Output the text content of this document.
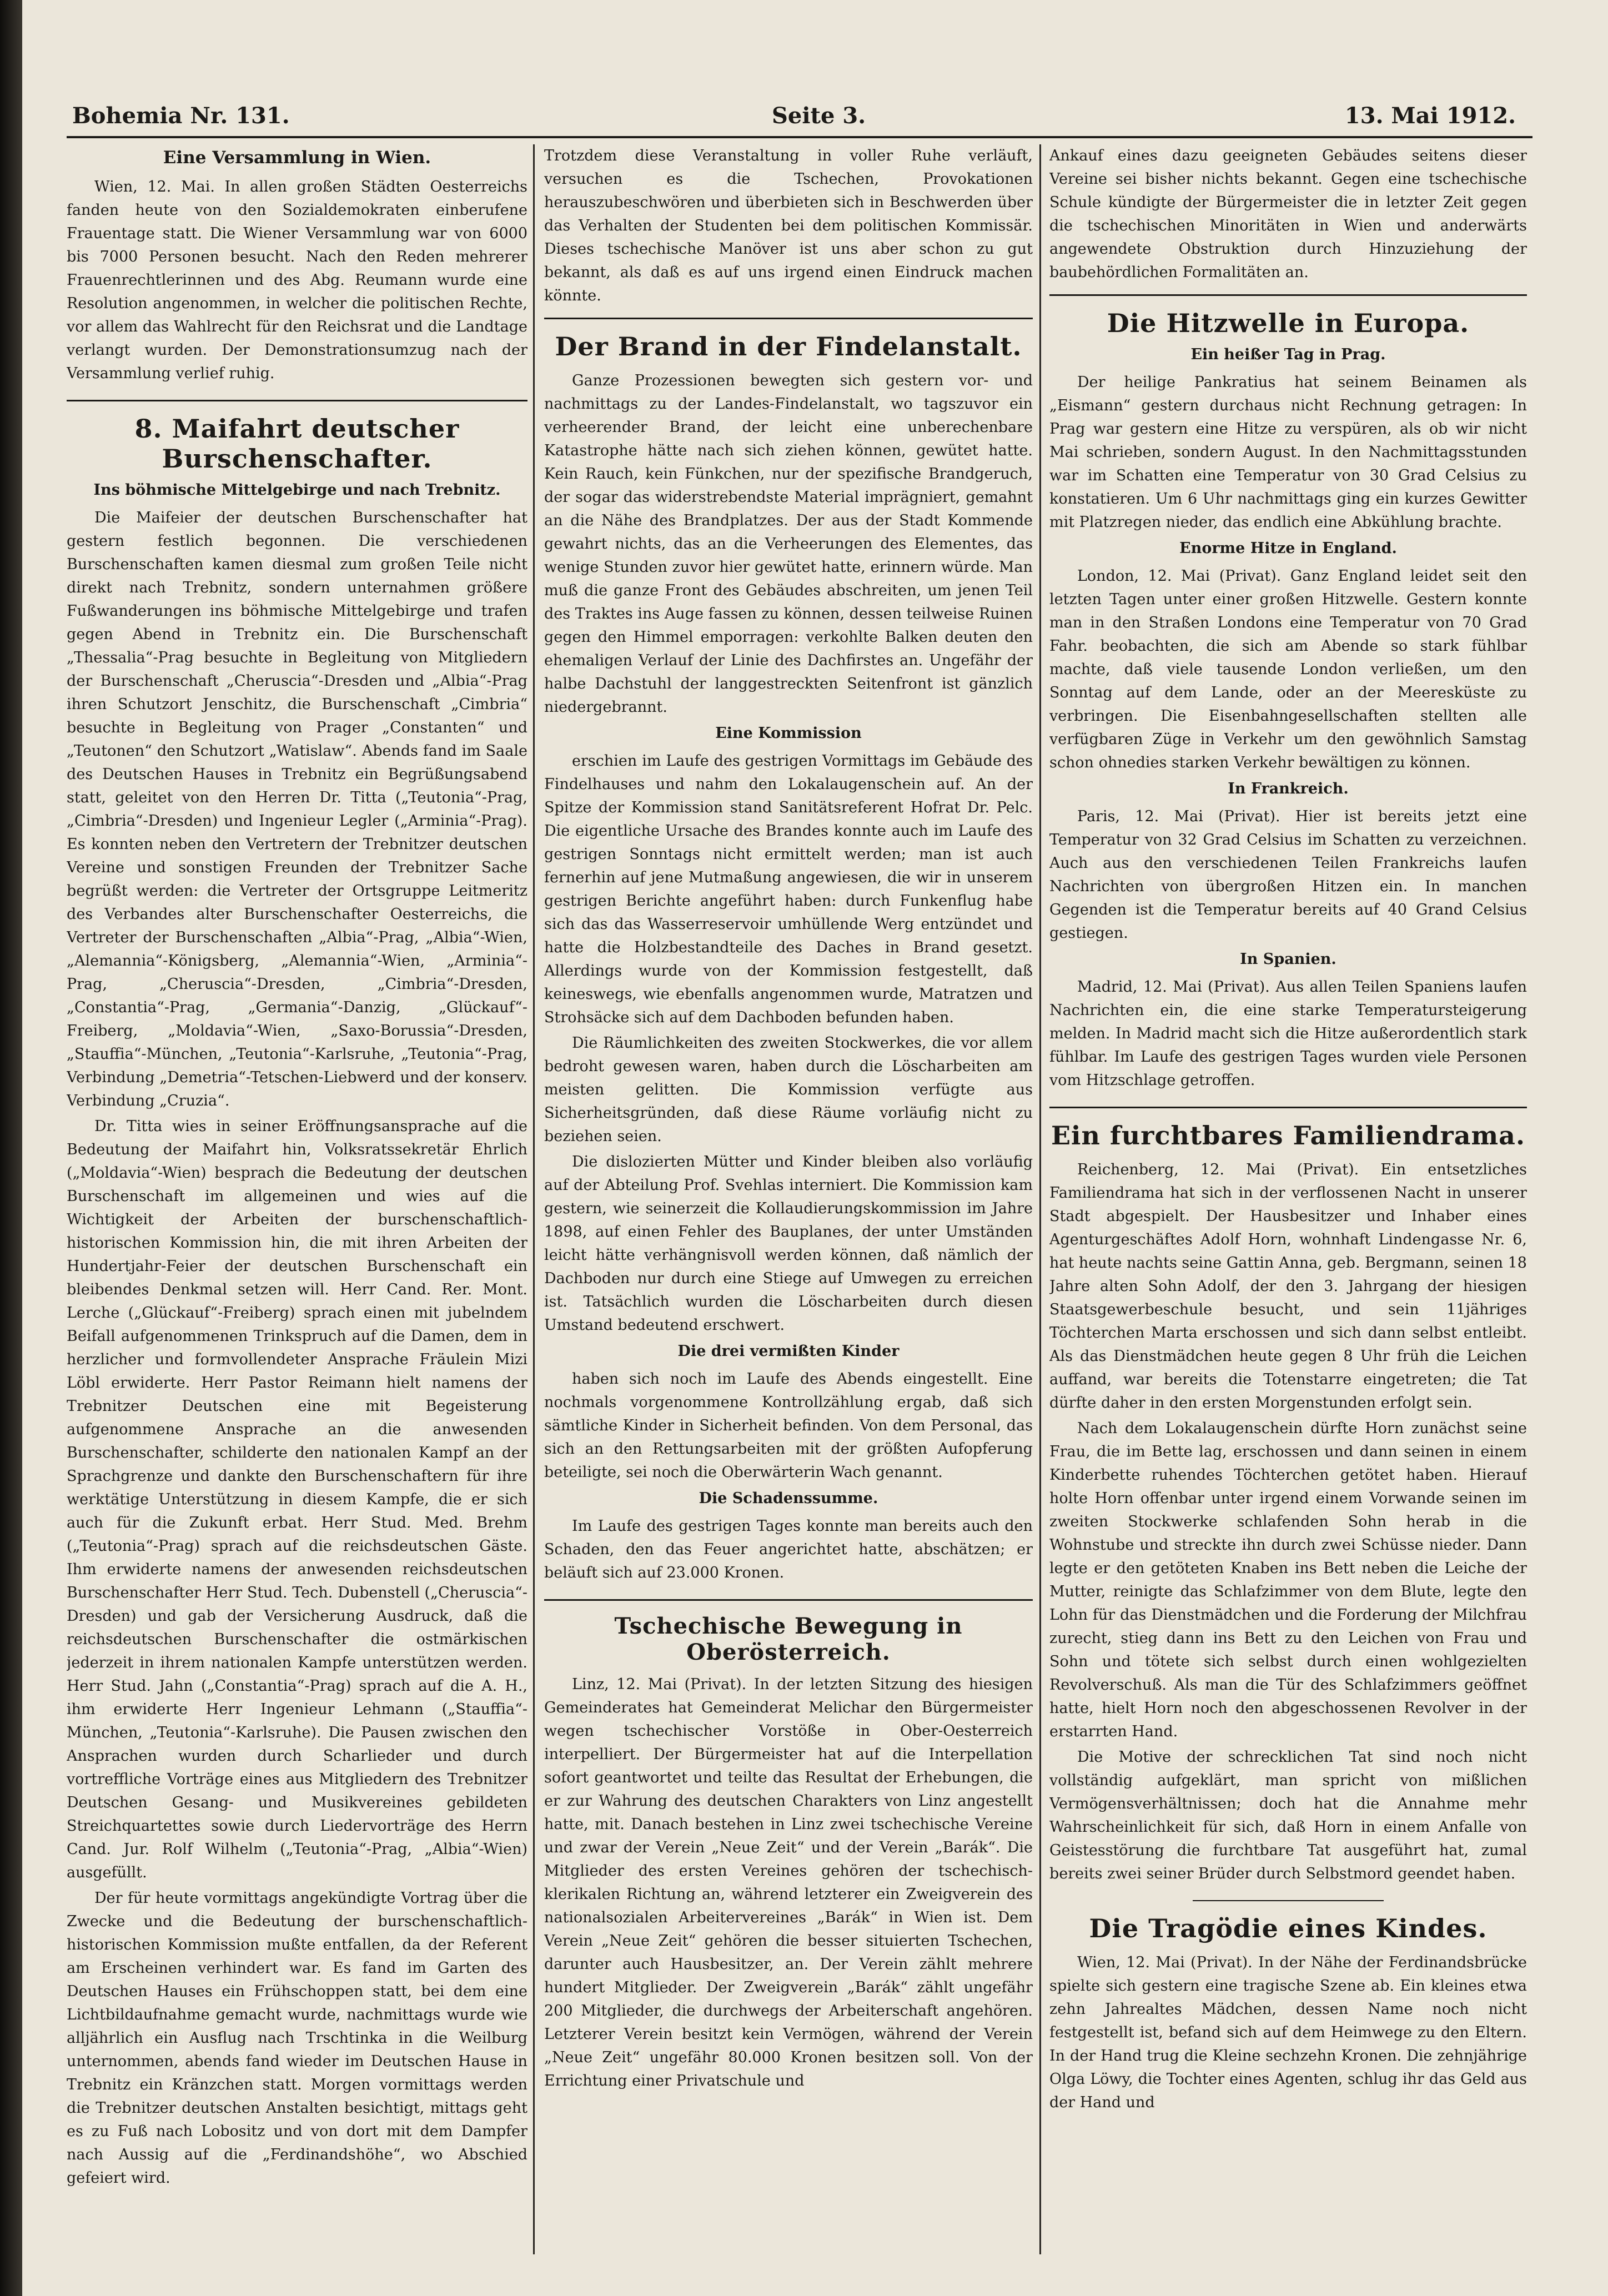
Bohemia Nr. 131.	Seite 3.	13. Mai 1912.
Eine Versammlung in Wien.

Wien, 12. Mai. In allen großen Städten Oesterreichs fanden heute von den Sozialdemokraten einberufene Frauentage statt. Die Wiener Versammlung war von 6000 bis 7000 Personen besucht. Nach den Reden mehrerer Frauenrechtlerinnen und des Abg. Reumann wurde eine Resolution angenommen, in welcher die politischen Rechte, vor allem das Wahlrecht für den Reichsrat und die Landtage verlangt wurden. Der Demonstrationsumzug nach der Versammlung verlief ruhig.

8. Maifahrt deutscher Burschenschafter.
Ins böhmische Mittelgebirge und nach Trebnitz.

Die Maifeier der deutschen Burschenschafter hat gestern festlich begonnen. Die verschiedenen Burschenschaften kamen diesmal zum großen Teile nicht direkt nach Trebnitz, sondern unternahmen größere Fußwanderungen ins böhmische Mittelgebirge und trafen gegen Abend in Trebnitz ein. Die Burschenschaft „Thessalia“-Prag besuchte in Begleitung von Mitgliedern der Burschenschaft „Cheruscia“-Dresden und „Albia“-Prag ihren Schutzort Jenschitz, die Burschenschaft „Cimbria“ besuchte in Begleitung von Prager „Constanten“ und „Teutonen“ den Schutzort „Watislaw“. Abends fand im Saale des Deutschen Hauses in Trebnitz ein Begrüßungsabend statt, geleitet von den Herren Dr. Titta („Teutonia“-Prag, „Cimbria“-Dresden) und Ingenieur Legler („Arminia“-Prag). Es konnten neben den Vertretern der Trebnitzer deutschen Vereine und sonstigen Freunden der Trebnitzer Sache begrüßt werden: die Vertreter der Ortsgruppe Leitmeritz des Verbandes alter Burschenschafter Oesterreichs, die Vertreter der Burschenschaften „Albia“-Prag, „Albia“-Wien, „Alemannia“-Königsberg, „Alemannia“-Wien, „Arminia“-Prag, „Cheruscia“-Dresden, „Cimbria“-Dresden, „Constantia“-Prag, „Germania“-Danzig, „Glückauf“-Freiberg, „Moldavia“-Wien, „Saxo-Borussia“-Dresden, „Stauffia“-München, „Teutonia“-Karlsruhe, „Teutonia“-Prag, Verbindung „Demetria“-Tetschen-Liebwerd und der konserv. Verbindung „Cruzia“.

Dr. Titta wies in seiner Eröffnungsansprache auf die Bedeutung der Maifahrt hin, Volksratssekretär Ehrlich („Moldavia“-Wien) besprach die Bedeutung der deutschen Burschenschaft im allgemeinen und wies auf die Wichtigkeit der Arbeiten der burschenschaftlich-historischen Kommission hin, die mit ihren Arbeiten der Hundertjahr-Feier der deutschen Burschenschaft ein bleibendes Denkmal setzen will. Herr Cand. Rer. Mont. Lerche („Glückauf“-Freiberg) sprach einen mit jubelndem Beifall aufgenommenen Trinkspruch auf die Damen, dem in herzlicher und formvollendeter Ansprache Fräulein Mizi Löbl erwiderte. Herr Pastor Reimann hielt namens der Trebnitzer Deutschen eine mit Begeisterung aufgenommene Ansprache an die anwesenden Burschenschafter, schilderte den nationalen Kampf an der Sprachgrenze und dankte den Burschenschaftern für ihre werktätige Unterstützung in diesem Kampfe, die er sich auch für die Zukunft erbat. Herr Stud. Med. Brehm („Teutonia“-Prag) sprach auf die reichsdeutschen Gäste. Ihm erwiderte namens der anwesenden reichsdeutschen Burschenschafter Herr Stud. Tech. Dubenstell („Cheruscia“-Dresden) und gab der Versicherung Ausdruck, daß die reichsdeutschen Burschenschafter die ostmärkischen jederzeit in ihrem nationalen Kampfe unterstützen werden. Herr Stud. Jahn („Constantia“-Prag) sprach auf die A. H., ihm erwiderte Herr Ingenieur Lehmann („Stauffia“-München, „Teutonia“-Karlsruhe). Die Pausen zwischen den Ansprachen wurden durch Scharlieder und durch vortreffliche Vorträge eines aus Mitgliedern des Trebnitzer Deutschen Gesang- und Musikvereines gebildeten Streichquartettes sowie durch Liedervorträge des Herrn Cand. Jur. Rolf Wilhelm („Teutonia“-Prag, „Albia“-Wien) ausgefüllt.

Der für heute vormittags angekündigte Vortrag über die Zwecke und die Bedeutung der burschenschaftlich-historischen Kommission mußte entfallen, da der Referent am Erscheinen verhindert war. Es fand im Garten des Deutschen Hauses ein Frühschoppen statt, bei dem eine Lichtbildaufnahme gemacht wurde, nachmittags wurde wie alljährlich ein Ausflug nach Trschtinka in die Weilburg unternommen, abends fand wieder im Deutschen Hause in Trebnitz ein Kränzchen statt. Morgen vormittags werden die Trebnitzer deutschen Anstalten besichtigt, mittags geht es zu Fuß nach Lobositz und von dort mit dem Dampfer nach Aussig auf die „Ferdinandshöhe“, wo Abschied gefeiert wird.

Trotzdem diese Veranstaltung in voller Ruhe verläuft, versuchen es die Tschechen, Provokationen herauszubeschwören und überbieten sich in Beschwerden über das Verhalten der Studenten bei dem politischen Kommissär. Dieses tschechische Manöver ist uns aber schon zu gut bekannt, als daß es auf uns irgend einen Eindruck machen könnte.

Der Brand in der Findelanstalt.

Ganze Prozessionen bewegten sich gestern vor- und nachmittags zu der Landes-Findelanstalt, wo tagszuvor ein verheerender Brand, der leicht eine unberechenbare Katastrophe hätte nach sich ziehen können, gewütet hatte. Kein Rauch, kein Fünkchen, nur der spezifische Brandgeruch, der sogar das widerstrebendste Material imprägniert, gemahnt an die Nähe des Brandplatzes. Der aus der Stadt Kommende gewahrt nichts, das an die Verheerungen des Elementes, das wenige Stunden zuvor hier gewütet hatte, erinnern würde. Man muß die ganze Front des Gebäudes abschreiten, um jenen Teil des Traktes ins Auge fassen zu können, dessen teilweise Ruinen gegen den Himmel emporragen: verkohlte Balken deuten den ehemaligen Verlauf der Linie des Dachfirstes an. Ungefähr der halbe Dachstuhl der langgestreckten Seitenfront ist gänzlich niedergebrannt.

Eine Kommission

erschien im Laufe des gestrigen Vormittags im Gebäude des Findelhauses und nahm den Lokalaugenschein auf. An der Spitze der Kommission stand Sanitätsreferent Hofrat Dr. Pelc. Die eigentliche Ursache des Brandes konnte auch im Laufe des gestrigen Sonntags nicht ermittelt werden; man ist auch fernerhin auf jene Mutmaßung angewiesen, die wir in unserem gestrigen Berichte angeführt haben: durch Funkenflug habe sich das das Wasserreservoir umhüllende Werg entzündet und hatte die Holzbestandteile des Daches in Brand gesetzt. Allerdings wurde von der Kommission festgestellt, daß keineswegs, wie ebenfalls angenommen wurde, Matratzen und Strohsäcke sich auf dem Dachboden befunden haben.

Die Räumlichkeiten des zweiten Stockwerkes, die vor allem bedroht gewesen waren, haben durch die Löscharbeiten am meisten gelitten. Die Kommission verfügte aus Sicherheitsgründen, daß diese Räume vorläufig nicht zu beziehen seien.

Die dislozierten Mütter und Kinder bleiben also vorläufig auf der Abteilung Prof. Svehlas interniert. Die Kommission kam gestern, wie seinerzeit die Kollaudierungskommission im Jahre 1898, auf einen Fehler des Bauplanes, der unter Umständen leicht hätte verhängnisvoll werden können, daß nämlich der Dachboden nur durch eine Stiege auf Umwegen zu erreichen ist. Tatsächlich wurden die Löscharbeiten durch diesen Umstand bedeutend erschwert.

Die drei vermißten Kinder

haben sich noch im Laufe des Abends eingestellt. Eine nochmals vorgenommene Kontrollzählung ergab, daß sich sämtliche Kinder in Sicherheit befinden. Von dem Personal, das sich an den Rettungsarbeiten mit der größten Aufopferung beteiligte, sei noch die Oberwärterin Wach genannt.

Die Schadenssumme.

Im Laufe des gestrigen Tages konnte man bereits auch den Schaden, den das Feuer angerichtet hatte, abschätzen; er beläuft sich auf 23.000 Kronen.

Tschechische Bewegung in Oberösterreich.

Linz, 12. Mai (Privat). In der letzten Sitzung des hiesigen Gemeinderates hat Gemeinderat Melichar den Bürgermeister wegen tschechischer Vorstöße in Ober-Oesterreich interpelliert. Der Bürgermeister hat auf die Interpellation sofort geantwortet und teilte das Resultat der Erhebungen, die er zur Wahrung des deutschen Charakters von Linz angestellt hatte, mit. Danach bestehen in Linz zwei tschechische Vereine und zwar der Verein „Neue Zeit“ und der Verein „Barák“. Die Mitglieder des ersten Vereines gehören der tschechisch-klerikalen Richtung an, während letzterer ein Zweigverein des nationalsozialen Arbeitervereines „Barák“ in Wien ist. Dem Verein „Neue Zeit“ gehören die besser situierten Tschechen, darunter auch Hausbesitzer, an. Der Verein zählt mehrere hundert Mitglieder. Der Zweigverein „Barák“ zählt ungefähr 200 Mitglieder, die durchwegs der Arbeiterschaft angehören. Letzterer Verein besitzt kein Vermögen, während der Verein „Neue Zeit“ ungefähr 80.000 Kronen besitzen soll. Von der Errichtung einer Privatschule und

Ankauf eines dazu geeigneten Gebäudes seitens dieser Vereine sei bisher nichts bekannt. Gegen eine tschechische Schule kündigte der Bürgermeister die in letzter Zeit gegen die tschechischen Minoritäten in Wien und anderwärts angewendete Obstruktion durch Hinzuziehung der baubehördlichen Formalitäten an.

Die Hitzwelle in Europa.
Ein heißer Tag in Prag.

Der heilige Pankratius hat seinem Beinamen als „Eismann“ gestern durchaus nicht Rechnung getragen: In Prag war gestern eine Hitze zu verspüren, als ob wir nicht Mai schrieben, sondern August. In den Nachmittagsstunden war im Schatten eine Temperatur von 30 Grad Celsius zu konstatieren. Um 6 Uhr nachmittags ging ein kurzes Gewitter mit Platzregen nieder, das endlich eine Abkühlung brachte.

Enorme Hitze in England.

London, 12. Mai (Privat). Ganz England leidet seit den letzten Tagen unter einer großen Hitzwelle. Gestern konnte man in den Straßen Londons eine Temperatur von 70 Grad Fahr. beobachten, die sich am Abende so stark fühlbar machte, daß viele tausende London verließen, um den Sonntag auf dem Lande, oder an der Meeresküste zu verbringen. Die Eisenbahngesellschaften stellten alle verfügbaren Züge in Verkehr um den gewöhnlich Samstag schon ohnedies starken Verkehr bewältigen zu können.

In Frankreich.

Paris, 12. Mai (Privat). Hier ist bereits jetzt eine Temperatur von 32 Grad Celsius im Schatten zu verzeichnen. Auch aus den verschiedenen Teilen Frankreichs laufen Nachrichten von übergroßen Hitzen ein. In manchen Gegenden ist die Temperatur bereits auf 40 Grand Celsius gestiegen.

In Spanien.

Madrid, 12. Mai (Privat). Aus allen Teilen Spaniens laufen Nachrichten ein, die eine starke Temperatursteigerung melden. In Madrid macht sich die Hitze außerordentlich stark fühlbar. Im Laufe des gestrigen Tages wurden viele Personen vom Hitzschlage getroffen.

Ein furchtbares Familiendrama.

Reichenberg, 12. Mai (Privat). Ein entsetzliches Familiendrama hat sich in der verflossenen Nacht in unserer Stadt abgespielt. Der Hausbesitzer und Inhaber eines Agenturgeschäftes Adolf Horn, wohnhaft Lindengasse Nr. 6, hat heute nachts seine Gattin Anna, geb. Bergmann, seinen 18 Jahre alten Sohn Adolf, der den 3. Jahrgang der hiesigen Staatsgewerbeschule besucht, und sein 11jähriges Töchterchen Marta erschossen und sich dann selbst entleibt. Als das Dienstmädchen heute gegen 8 Uhr früh die Leichen auffand, war bereits die Totenstarre eingetreten; die Tat dürfte daher in den ersten Morgenstunden erfolgt sein.

Nach dem Lokalaugenschein dürfte Horn zunächst seine Frau, die im Bette lag, erschossen und dann seinen in einem Kinderbette ruhendes Töchterchen getötet haben. Hierauf holte Horn offenbar unter irgend einem Vorwande seinen im zweiten Stockwerke schlafenden Sohn herab in die Wohnstube und streckte ihn durch zwei Schüsse nieder. Dann legte er den getöteten Knaben ins Bett neben die Leiche der Mutter, reinigte das Schlafzimmer von dem Blute, legte den Lohn für das Dienstmädchen und die Forderung der Milchfrau zurecht, stieg dann ins Bett zu den Leichen von Frau und Sohn und tötete sich selbst durch einen wohlgezielten Revolverschuß. Als man die Tür des Schlafzimmers geöffnet hatte, hielt Horn noch den abgeschossenen Revolver in der erstarrten Hand.

Die Motive der schrecklichen Tat sind noch nicht vollständig aufgeklärt, man spricht von mißlichen Vermögensverhältnissen; doch hat die Annahme mehr Wahrscheinlichkeit für sich, daß Horn in einem Anfalle von Geistesstörung die furchtbare Tat ausgeführt hat, zumal bereits zwei seiner Brüder durch Selbstmord geendet haben.

Die Tragödie eines Kindes.

Wien, 12. Mai (Privat). In der Nähe der Ferdinandsbrücke spielte sich gestern eine tragische Szene ab. Ein kleines etwa zehn Jahrealtes Mädchen, dessen Name noch nicht festgestellt ist, befand sich auf dem Heimwege zu den Eltern. In der Hand trug die Kleine sechzehn Kronen. Die zehnjährige Olga Löwy, die Tochter eines Agenten, schlug ihr das Geld aus der Hand und
